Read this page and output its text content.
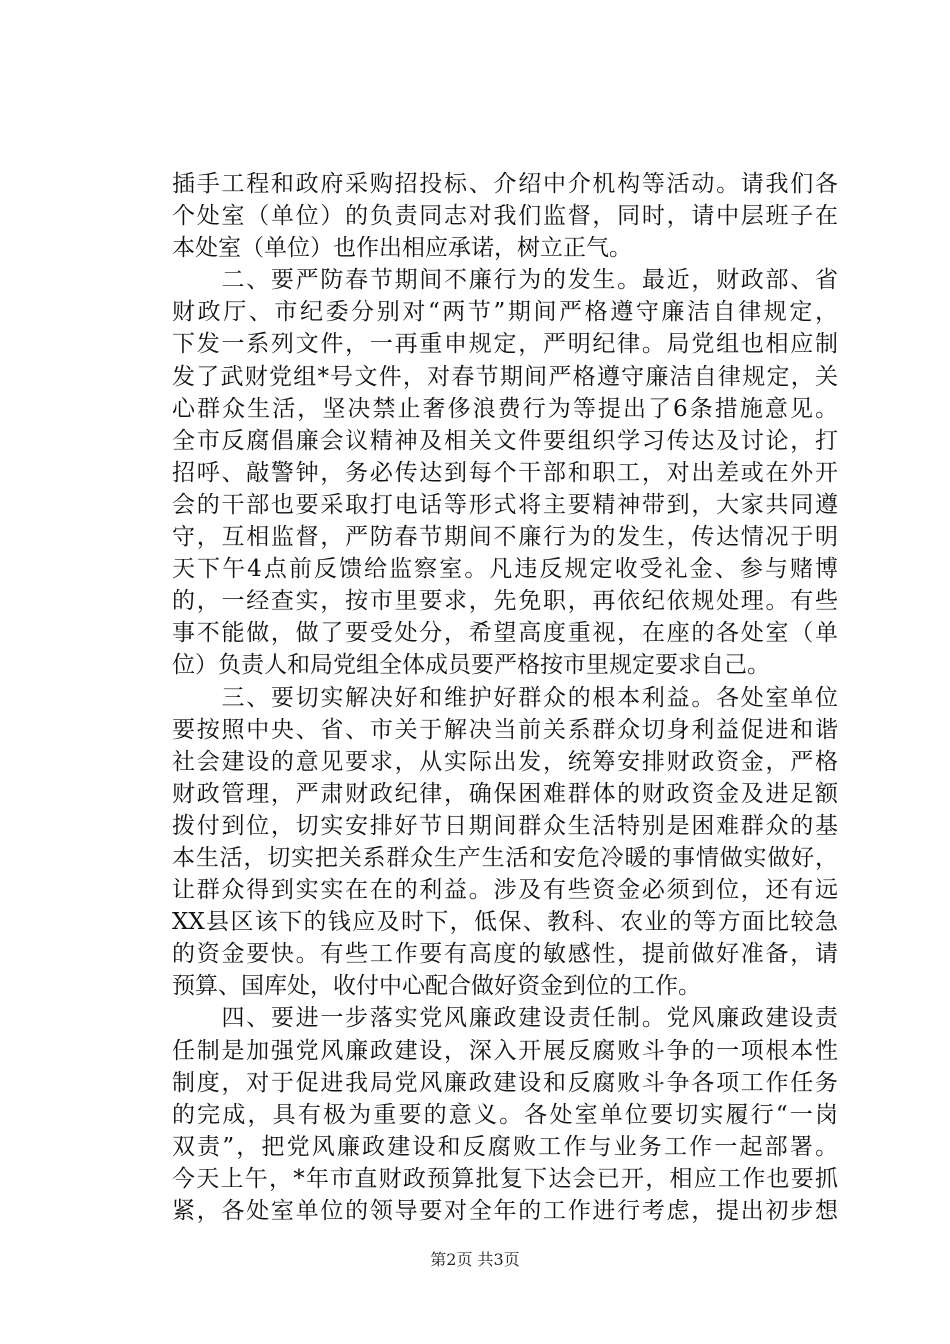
插手工程和政府采购招投标、介绍中介机构等活动。请我们各
个处室（单位）的负责同志对我们监督，同时，请中层班子在
本处室（单位）也作出相应承诺，树立正气。
　　二、要严防春节期间不廉行为的发生。最近，财政部、省
财政厅、市纪委分别对“两节”期间严格遵守廉洁自律规定，
下发一系列文件，一再重申规定，严明纪律。局党组也相应制
发了武财党组*号文件，对春节期间严格遵守廉洁自律规定，关
心群众生活，坚决禁止奢侈浪费行为等提出了6条措施意见。
全市反腐倡廉会议精神及相关文件要组织学习传达及讨论，打
招呼、敲警钟，务必传达到每个干部和职工，对出差或在外开
会的干部也要采取打电话等形式将主要精神带到，大家共同遵
守，互相监督，严防春节期间不廉行为的发生，传达情况于明
天下午4点前反馈给监察室。凡违反规定收受礼金、参与赌博
的，一经查实，按市里要求，先免职，再依纪依规处理。有些
事不能做，做了要受处分，希望高度重视，在座的各处室（单
位）负责人和局党组全体成员要严格按市里规定要求自己。
　　三、要切实解决好和维护好群众的根本利益。各处室单位
要按照中央、省、市关于解决当前关系群众切身利益促进和谐
社会建设的意见要求，从实际出发，统筹安排财政资金，严格
财政管理，严肃财政纪律，确保困难群体的财政资金及进足额
拨付到位，切实安排好节日期间群众生活特别是困难群众的基
本生活，切实把关系群众生产生活和安危冷暖的事情做实做好，
让群众得到实实在在的利益。涉及有些资金必须到位，还有远
XX县区该下的钱应及时下，低保、教科、农业的等方面比较急
的资金要快。有些工作要有高度的敏感性，提前做好准备，请
预算、国库处，收付中心配合做好资金到位的工作。
　　四、要进一步落实党风廉政建设责任制。党风廉政建设责
任制是加强党风廉政建设，深入开展反腐败斗争的一项根本性
制度，对于促进我局党风廉政建设和反腐败斗争各项工作任务
的完成，具有极为重要的意义。各处室单位要切实履行“一岗
双责”，把党风廉政建设和反腐败工作与业务工作一起部署。
今天上午，*年市直财政预算批复下达会已开，相应工作也要抓
紧，各处室单位的领导要对全年的工作进行考虑，提出初步想
第2页 共3页
